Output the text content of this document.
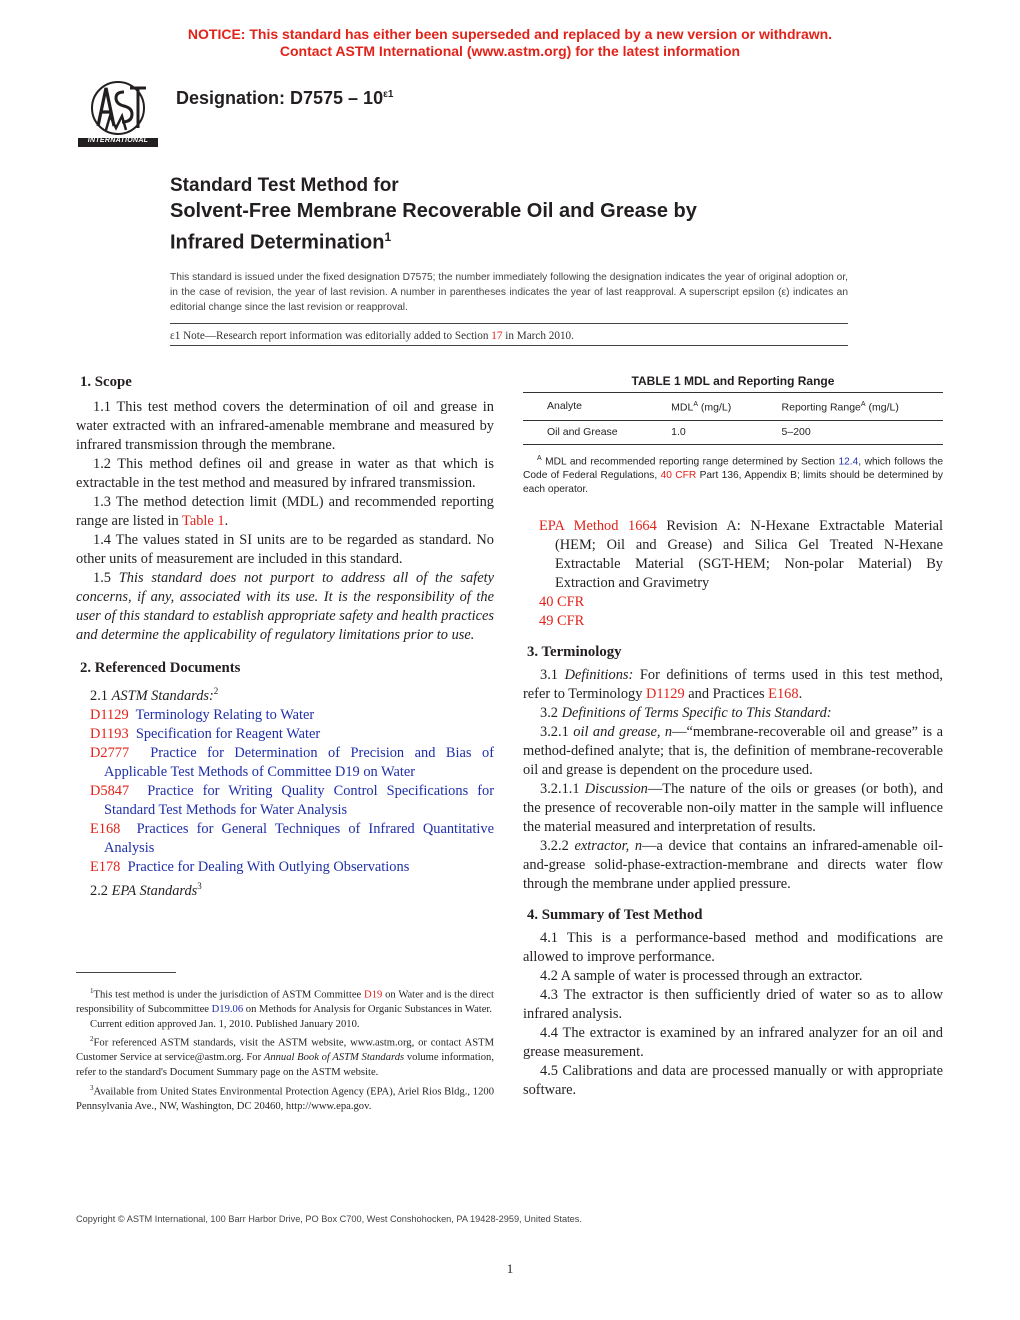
NOTICE: This standard has either been superseded and replaced by a new version or withdrawn.
Contact ASTM International (www.astm.org) for the latest information
INTERNATIONAL
Designation: $D7575 - 10^{\varepsilon 1}$
Standard Test Method for
Solvent-Free Membrane Recoverable Oil and Grease by
Infrared Determination$^1$
This standard is issued under the fixed designation D7575; the number immediately following the designation indicates the year of original adoption or, in the case of revision, the year of last revision. A number in parentheses indicates the year of last reapproval. A superscript epsilon (ε) indicates an editorial change since the last revision or reapproval.
ε1 Note—Research report information was editorially added to Section 17 in March 2010.
1. Scope

1.1 This test method covers the determination of oil and grease in water extracted with an infrared-amenable membrane and measured by infrared transmission through the membrane.

1.2 This method defines oil and grease in water as that which is extractable in the test method and measured by infrared transmission.

1.3 The method detection limit (MDL) and recommended reporting range are listed in Table 1.

1.4 The values stated in SI units are to be regarded as standard. No other units of measurement are included in this standard.

1.5 This standard does not purport to address all of the safety concerns, if any, associated with its use. It is the responsibility of the user of this standard to establish appropriate safety and health practices and determine the applicability of regulatory limitations prior to use.

2. Referenced Documents

2.1 ASTM Standards:$^2$

D1129 Terminology Relating to Water

D1193 Specification for Reagent Water

D2777 Practice for Determination of Precision and Bias of Applicable Test Methods of Committee D19 on Water

D5847 Practice for Writing Quality Control Specifications for Standard Test Methods for Water Analysis

E168 Practices for General Techniques of Infrared Quantitative Analysis

E178 Practice for Dealing With Outlying Observations

2.2 EPA Standards$^3$

$^1$This test method is under the jurisdiction of ASTM Committee D19 on Water and is the direct responsibility of Subcommittee D19.06 on Methods for Analysis for Organic Substances in Water.

Current edition approved Jan. 1, 2010. Published January 2010.

$^2$For referenced ASTM standards, visit the ASTM website, www.astm.org, or contact ASTM Customer Service at service@astm.org. For Annual Book of ASTM Standards volume information, refer to the standard's Document Summary page on the ASTM website.

$^3$Available from United States Environmental Protection Agency (EPA), Ariel Rios Bldg., 1200 Pennsylvania Ave., NW, Washington, DC 20460, http://www.epa.gov.

TABLE 1 MDL and Reporting Range
Analyte	$MDL^A$ (mg/L)	Reporting Range$^A$ (mg/L)
Oil and Grease	1.0	5–200

$^A$ MDL and recommended reporting range determined by Section 12.4, which follows the Code of Federal Regulations, 40 CFR Part 136, Appendix B; limits should be determined by each operator.

EPA Method 1664 Revision A: N-Hexane Extractable Material (HEM; Oil and Grease) and Silica Gel Treated N-Hexane Extractable Material (SGT-HEM; Non-polar Material) By Extraction and Gravimetry

40 CFR

49 CFR

3. Terminology

3.1 Definitions: For definitions of terms used in this test method, refer to Terminology D1129 and Practices E168.

3.2 Definitions of Terms Specific to This Standard:

3.2.1 oil and grease, n—“membrane-recoverable oil and grease” is a method-defined analyte; that is, the definition of membrane-recoverable oil and grease is dependent on the procedure used.

3.2.1.1 Discussion—The nature of the oils or greases (or both), and the presence of recoverable non-oily matter in the sample will influence the material measured and interpretation of results.

3.2.2 extractor, n—a device that contains an infrared-amenable oil-and-grease solid-phase-extraction-membrane and directs water flow through the membrane under applied pressure.

4. Summary of Test Method

4.1 This is a performance-based method and modifications are allowed to improve performance.

4.2 A sample of water is processed through an extractor.

4.3 The extractor is then sufficiently dried of water so as to allow infrared analysis.

4.4 The extractor is examined by an infrared analyzer for an oil and grease measurement.

4.5 Calibrations and data are processed manually or with appropriate software.

Copyright © ASTM International, 100 Barr Harbor Drive, PO Box C700, West Conshohocken, PA 19428-2959, United States.
1
